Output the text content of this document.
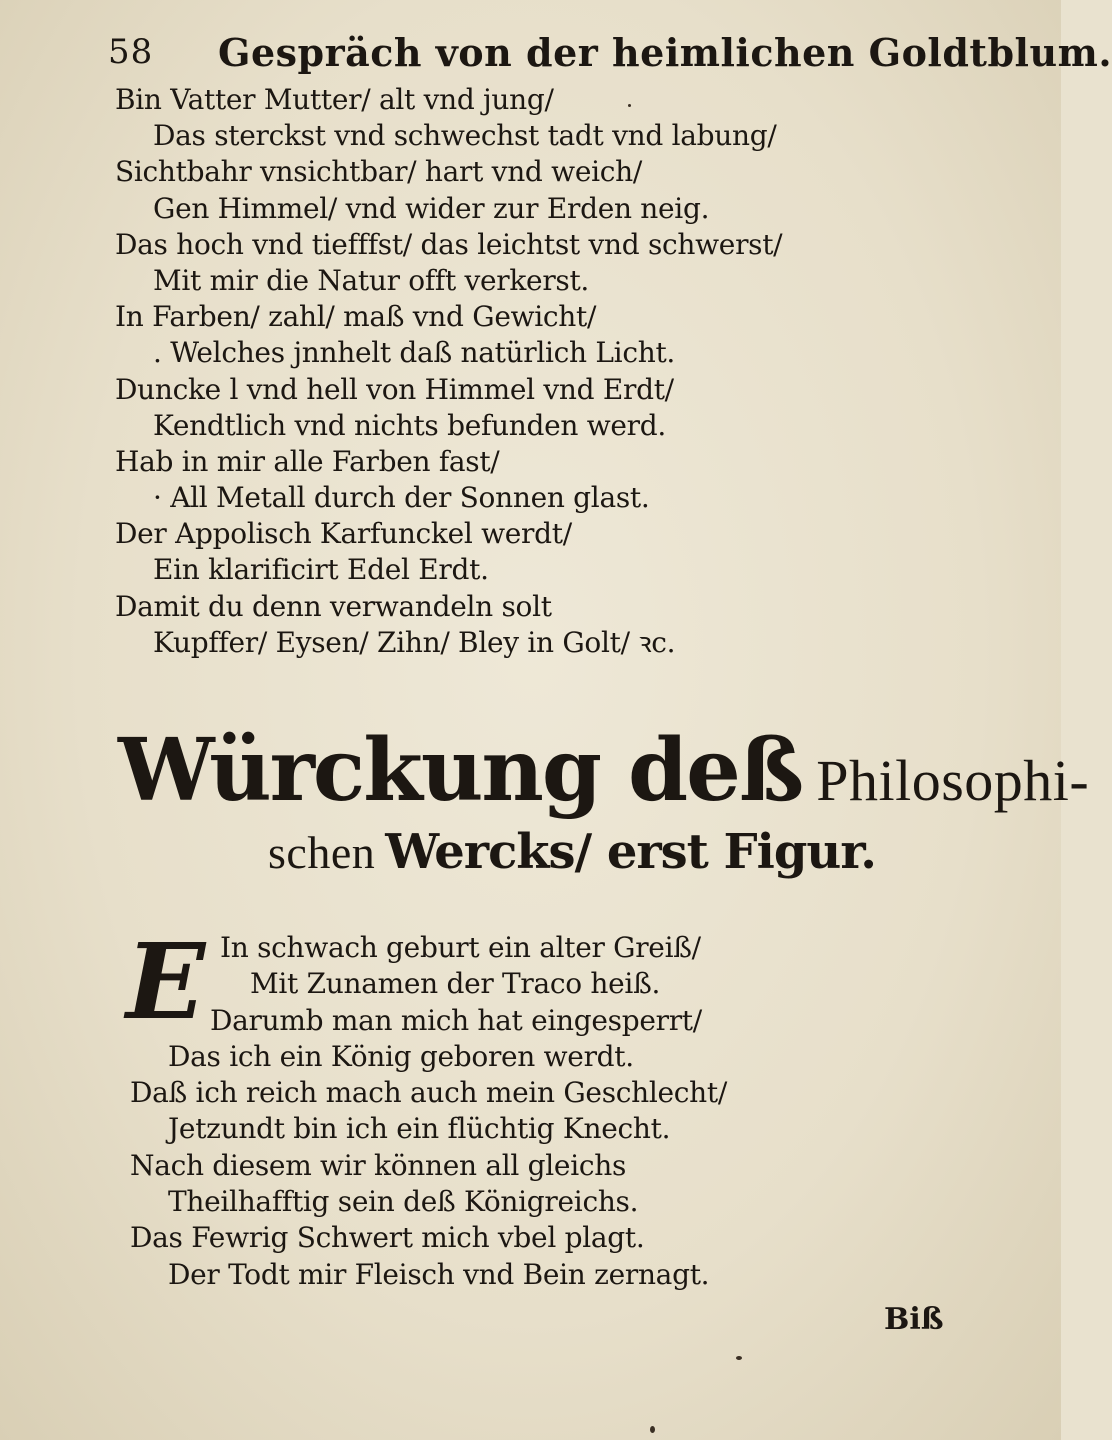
58 Gespräch von der heimlichen Goldtblum.
Bin Vatter Mutter/ alt vnd jung/
Das sterckst vnd schwechst tadt vnd labung/
Sichtbahr vnsichtbar/ hart vnd weich/
Gen Himmel/ vnd wider zur Erden neig.
Das hoch vnd tiefffst/ das leichtst vnd schwerst/
Mit mir die Natur offt verkerst.
In Farben/ zahl/ maß vnd Gewicht/
. Welches jnnhelt daß natürlich Licht.
Duncke l vnd hell von Himmel vnd Erdt/
Kendtlich vnd nichts befunden werd.
Hab in mir alle Farben fast/
· All Metall durch der Sonnen glast.
Der Appolisch Karfunckel werdt/
Ein klarificirt Edel Erdt.
Damit du denn verwandeln solt
Kupffer/ Eysen/ Zihn/ Bley in Golt/ ꝛc.
Würckung deß Philosophi-
schen Wercks/ erst Figur.
E In schwach geburt ein alter Greiß/
Mit Zunamen der Traco heiß.
Darumb man mich hat eingesperrt/
Das ich ein König geboren werdt.
Daß ich reich mach auch mein Geschlecht/
Jetzundt bin ich ein flüchtig Knecht.
Nach diesem wir können all gleichs
Theilhafftig sein deß Königreichs.
Das Fewrig Schwert mich vbel plagt.
Der Todt mir Fleisch vnd Bein zernagt.
Biß
